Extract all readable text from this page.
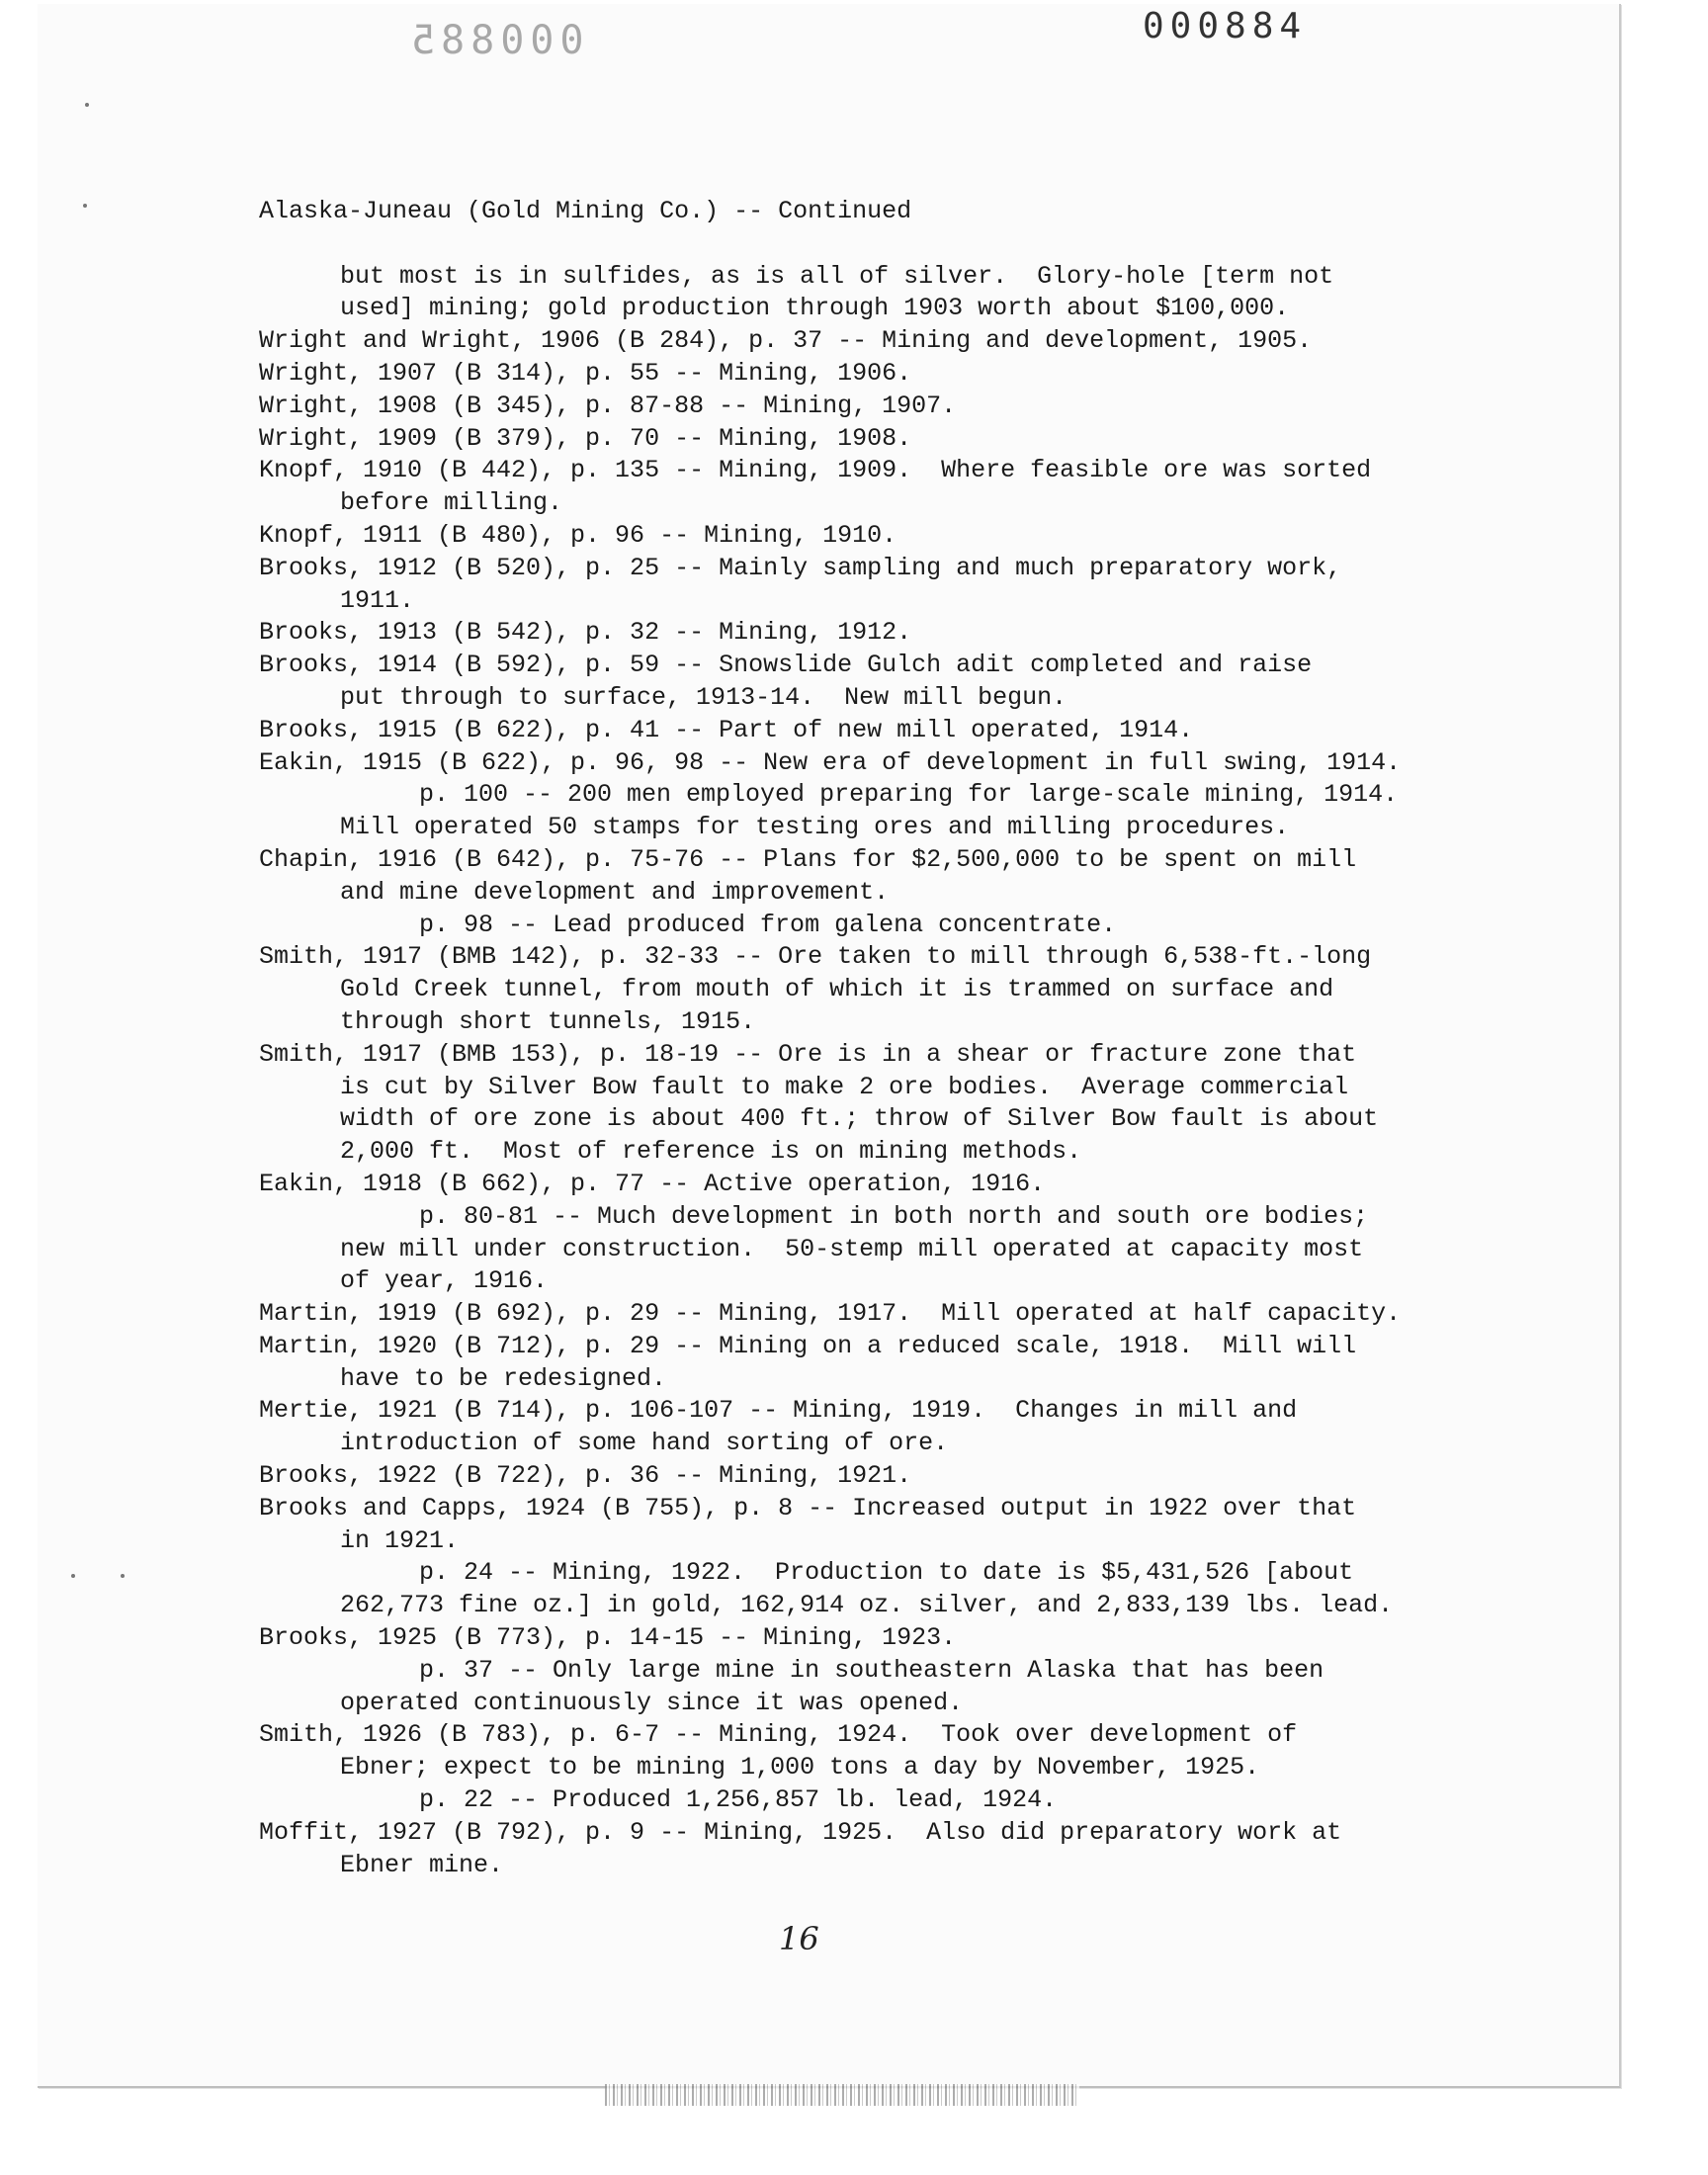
000885	000884
Alaska-Juneau (Gold Mining Co.) -- Continued
but most is in sulfides, as is all of silver.  Glory-hole [term not
used] mining; gold production through 1903 worth about $100,000.
Wright and Wright, 1906 (B 284), p. 37 -- Mining and development, 1905.
Wright, 1907 (B 314), p. 55 -- Mining, 1906.
Wright, 1908 (B 345), p. 87-88 -- Mining, 1907.
Wright, 1909 (B 379), p. 70 -- Mining, 1908.
Knopf, 1910 (B 442), p. 135 -- Mining, 1909.  Where feasible ore was sorted
before milling.
Knopf, 1911 (B 480), p. 96 -- Mining, 1910.
Brooks, 1912 (B 520), p. 25 -- Mainly sampling and much preparatory work,
1911.
Brooks, 1913 (B 542), p. 32 -- Mining, 1912.
Brooks, 1914 (B 592), p. 59 -- Snowslide Gulch adit completed and raise
put through to surface, 1913-14.  New mill begun.
Brooks, 1915 (B 622), p. 41 -- Part of new mill operated, 1914.
Eakin, 1915 (B 622), p. 96, 98 -- New era of development in full swing, 1914.
p. 100 -- 200 men employed preparing for large-scale mining, 1914.
Mill operated 50 stamps for testing ores and milling procedures.
Chapin, 1916 (B 642), p. 75-76 -- Plans for $2,500,000 to be spent on mill
and mine development and improvement.
p. 98 -- Lead produced from galena concentrate.
Smith, 1917 (BMB 142), p. 32-33 -- Ore taken to mill through 6,538-ft.-long
Gold Creek tunnel, from mouth of which it is trammed on surface and
through short tunnels, 1915.
Smith, 1917 (BMB 153), p. 18-19 -- Ore is in a shear or fracture zone that
is cut by Silver Bow fault to make 2 ore bodies.  Average commercial
width of ore zone is about 400 ft.; throw of Silver Bow fault is about
2,000 ft.  Most of reference is on mining methods.
Eakin, 1918 (B 662), p. 77 -- Active operation, 1916.
p. 80-81 -- Much development in both north and south ore bodies;
new mill under construction.  50-stemp mill operated at capacity most
of year, 1916.
Martin, 1919 (B 692), p. 29 -- Mining, 1917.  Mill operated at half capacity.
Martin, 1920 (B 712), p. 29 -- Mining on a reduced scale, 1918.  Mill will
have to be redesigned.
Mertie, 1921 (B 714), p. 106-107 -- Mining, 1919.  Changes in mill and
introduction of some hand sorting of ore.
Brooks, 1922 (B 722), p. 36 -- Mining, 1921.
Brooks and Capps, 1924 (B 755), p. 8 -- Increased output in 1922 over that
in 1921.
p. 24 -- Mining, 1922.  Production to date is $5,431,526 [about
262,773 fine oz.] in gold, 162,914 oz. silver, and 2,833,139 lbs. lead.
Brooks, 1925 (B 773), p. 14-15 -- Mining, 1923.
p. 37 -- Only large mine in southeastern Alaska that has been
operated continuously since it was opened.
Smith, 1926 (B 783), p. 6-7 -- Mining, 1924.  Took over development of
Ebner; expect to be mining 1,000 tons a day by November, 1925.
p. 22 -- Produced 1,256,857 lb. lead, 1924.
Moffit, 1927 (B 792), p. 9 -- Mining, 1925.  Also did preparatory work at
Ebner mine.
16
